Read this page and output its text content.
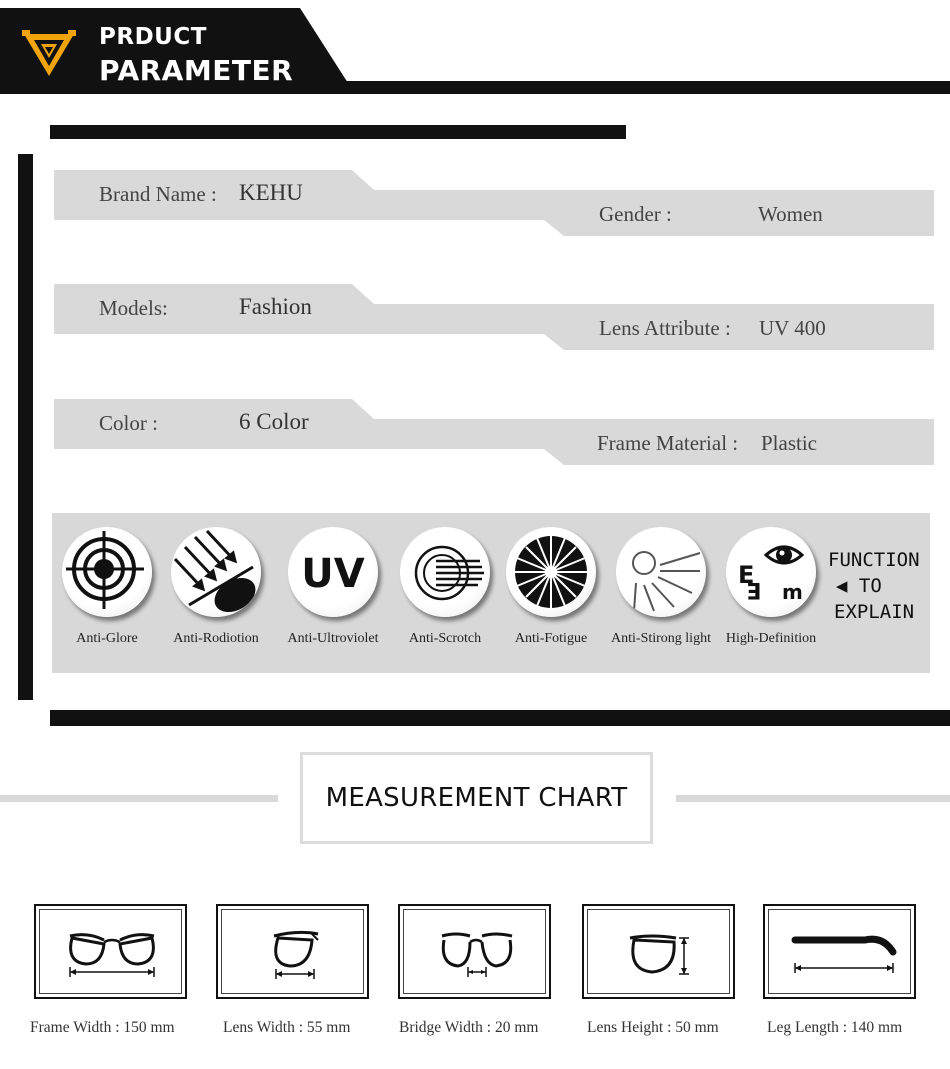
PRDUCT
PARAMETER
Brand Name : KEHU
Gender :	Women
Models:	Fashion
Lens Attribute : UV 400
Color :	6 Color
Frame Material : Plastic
Anti-Glore	Anti-Rodiotion
UV
Anti-Ultroviolet	Anti-Scrotch	Anti-Fotigue	Anti-Stirong light
E
E m
High-Definition
FUNCTION
◀ TO
EXPLAIN
MEASUREMENT CHART
Frame Width : 150 mm	Lens Width : 55 mm	Bridge Width : 20 mm	Lens Height : 50 mm	Leg Length : 140 mm
